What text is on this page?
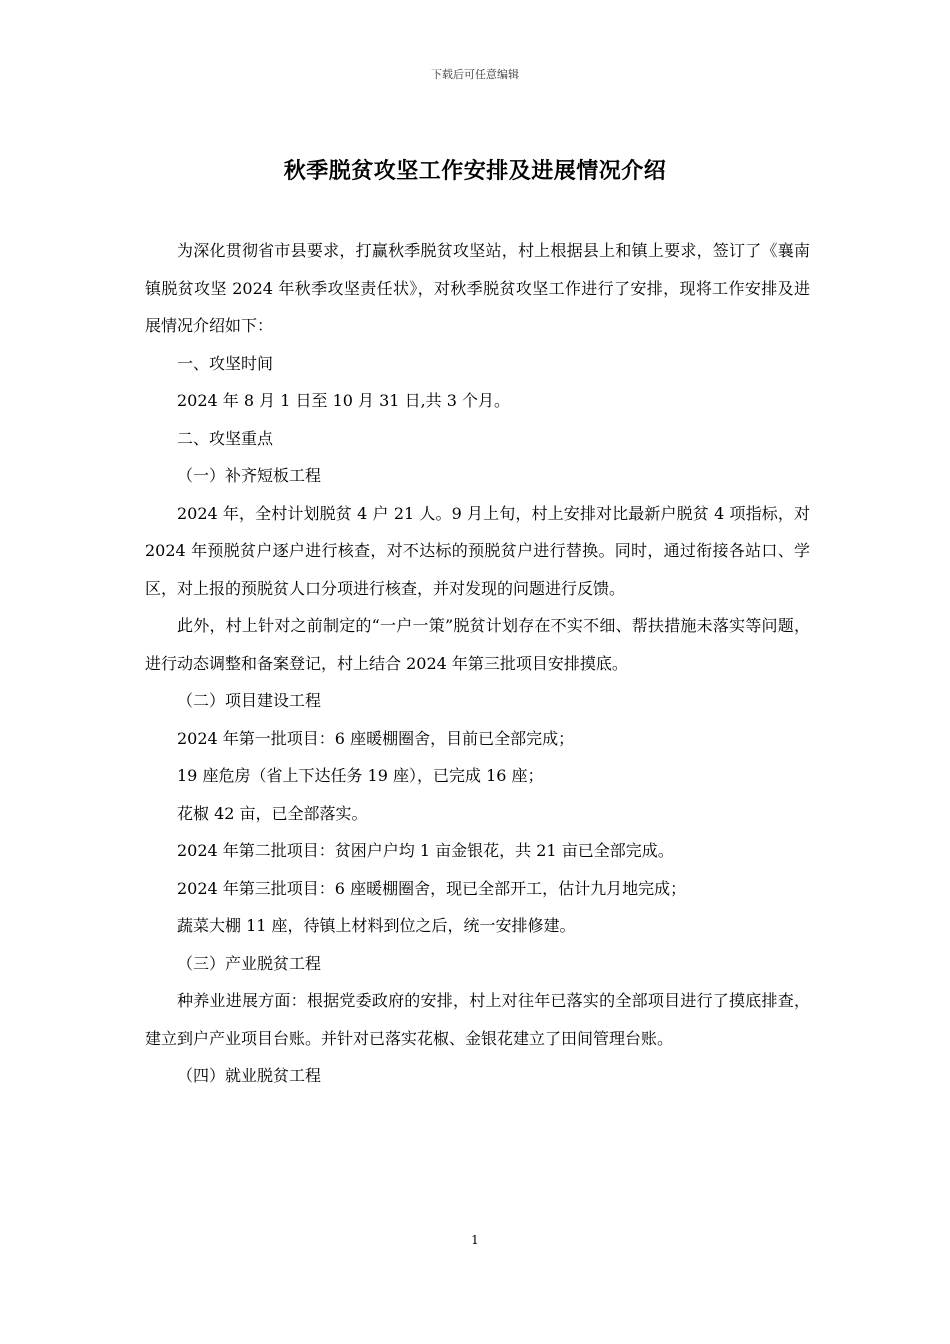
下载后可任意编辑
秋季脱贫攻坚工作安排及进展情况介绍

为深化贯彻省市县要求，打赢秋季脱贫攻坚站，村上根据县上和镇上要求，签订了《襄南镇脱贫攻坚 2024 年秋季攻坚责任状》，对秋季脱贫攻坚工作进行了安排，现将工作安排及进展情况介绍如下：

一、攻坚时间

2024 年 8 月 1 日至 10 月 31 日,共 3 个月。

二、攻坚重点

（一）补齐短板工程

2024 年，全村计划脱贫 4 户 21 人。9 月上旬，村上安排对比最新户脱贫 4 项指标，对 2024 年预脱贫户逐户进行核查，对不达标的预脱贫户进行替换。同时，通过衔接各站口、学区，对上报的预脱贫人口分项进行核查，并对发现的问题进行反馈。

此外，村上针对之前制定的“一户一策”脱贫计划存在不实不细、帮扶措施未落实等问题，进行动态调整和备案登记，村上结合 2024 年第三批项目安排摸底。

（二）项目建设工程

2024 年第一批项目：6 座暖棚圈舍，目前已全部完成；

19 座危房（省上下达任务 19 座），已完成 16 座；

花椒 42 亩，已全部落实。

2024 年第二批项目：贫困户户均 1 亩金银花，共 21 亩已全部完成。

2024 年第三批项目：6 座暖棚圈舍，现已全部开工，估计九月地完成；

蔬菜大棚 11 座，待镇上材料到位之后，统一安排修建。

（三）产业脱贫工程

种养业进展方面：根据党委政府的安排，村上对往年已落实的全部项目进行了摸底排查，建立到户产业项目台账。并针对已落实花椒、金银花建立了田间管理台账。

（四）就业脱贫工程

1
